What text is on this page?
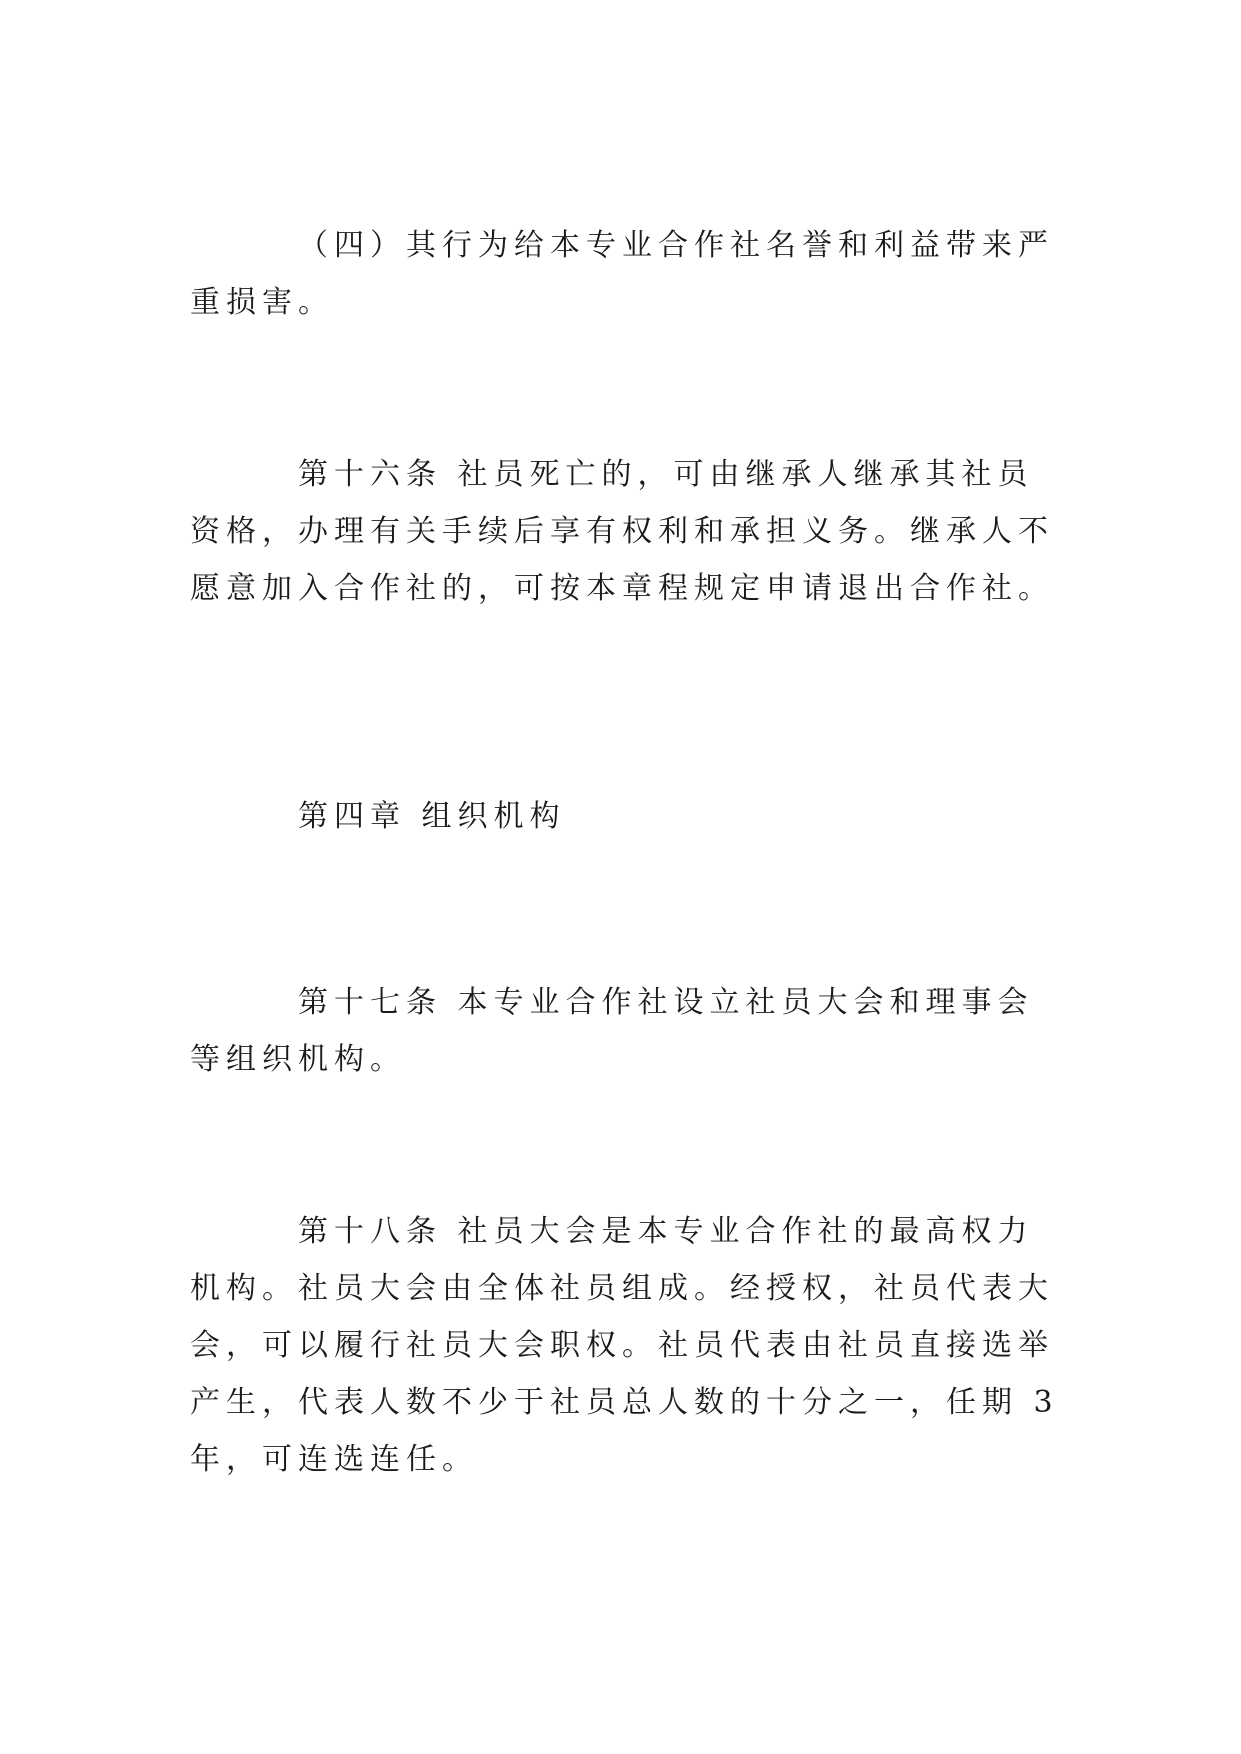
（四）其行为给本专业合作社名誉和利益带来严重损害。

第十六条 社员死亡的，可由继承人继承其社员资格，办理有关手续后享有权利和承担义务。继承人不愿意加入合作社的，可按本章程规定申请退出合作社。

第四章 组织机构

第十七条 本专业合作社设立社员大会和理事会等组织机构。

第十八条 社员大会是本专业合作社的最高权力机构。社员大会由全体社员组成。经授权，社员代表大会，可以履行社员大会职权。社员代表由社员直接选举产生，代表人数不少于社员总人数的十分之一，任期 3 年，可连选连任。
